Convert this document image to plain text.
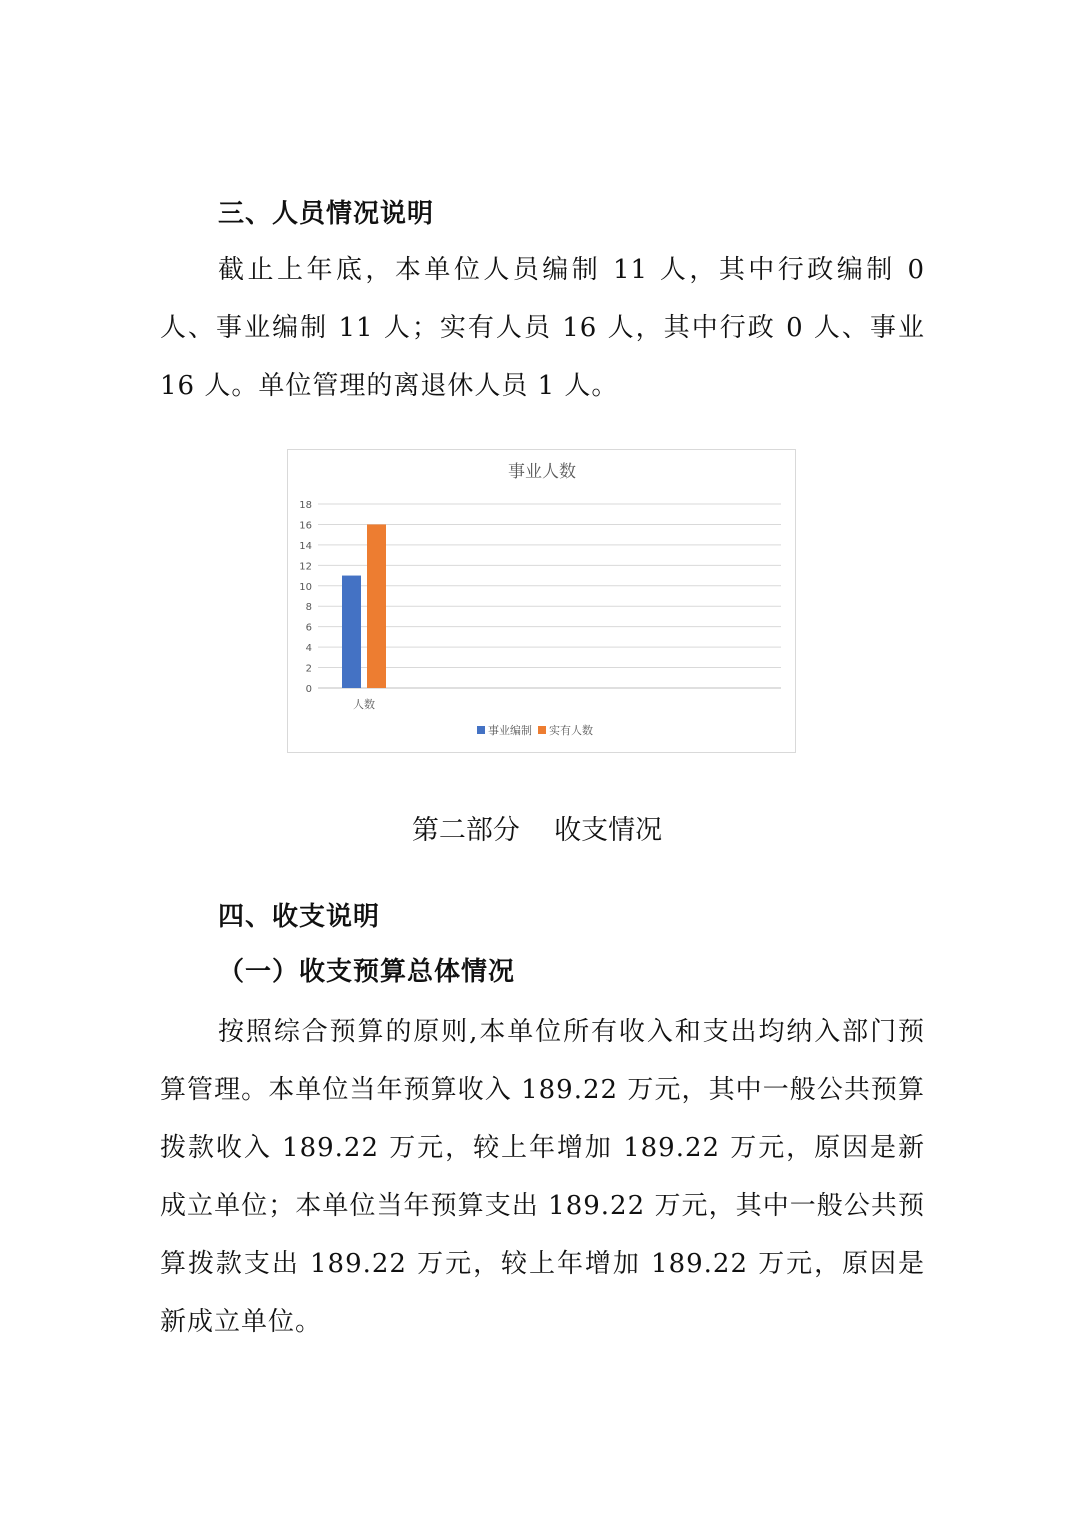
三、人员情况说明
截止上年底，本单位人员编制 11 人，其中行政编制 0 人、事业编制 11 人；实有人员 16 人，其中行政 0 人、事业 16 人。单位管理的离退休人员 1 人。
事业人数
0
2
4
6
8
10
12
14
16
18
人数
事业编制 实有人数
第二部分    收支情况
四、收支说明
（一）收支预算总体情况
按照综合预算的原则,本单位所有收入和支出均纳入部门预算管理。本单位当年预算收入 189.22 万元，其中一般公共预算拨款收入 189.22 万元，较上年增加 189.22 万元，原因是新成立单位；本单位当年预算支出 189.22 万元，其中一般公共预算拨款支出 189.22 万元，较上年增加 189.22 万元，原因是新成立单位。
